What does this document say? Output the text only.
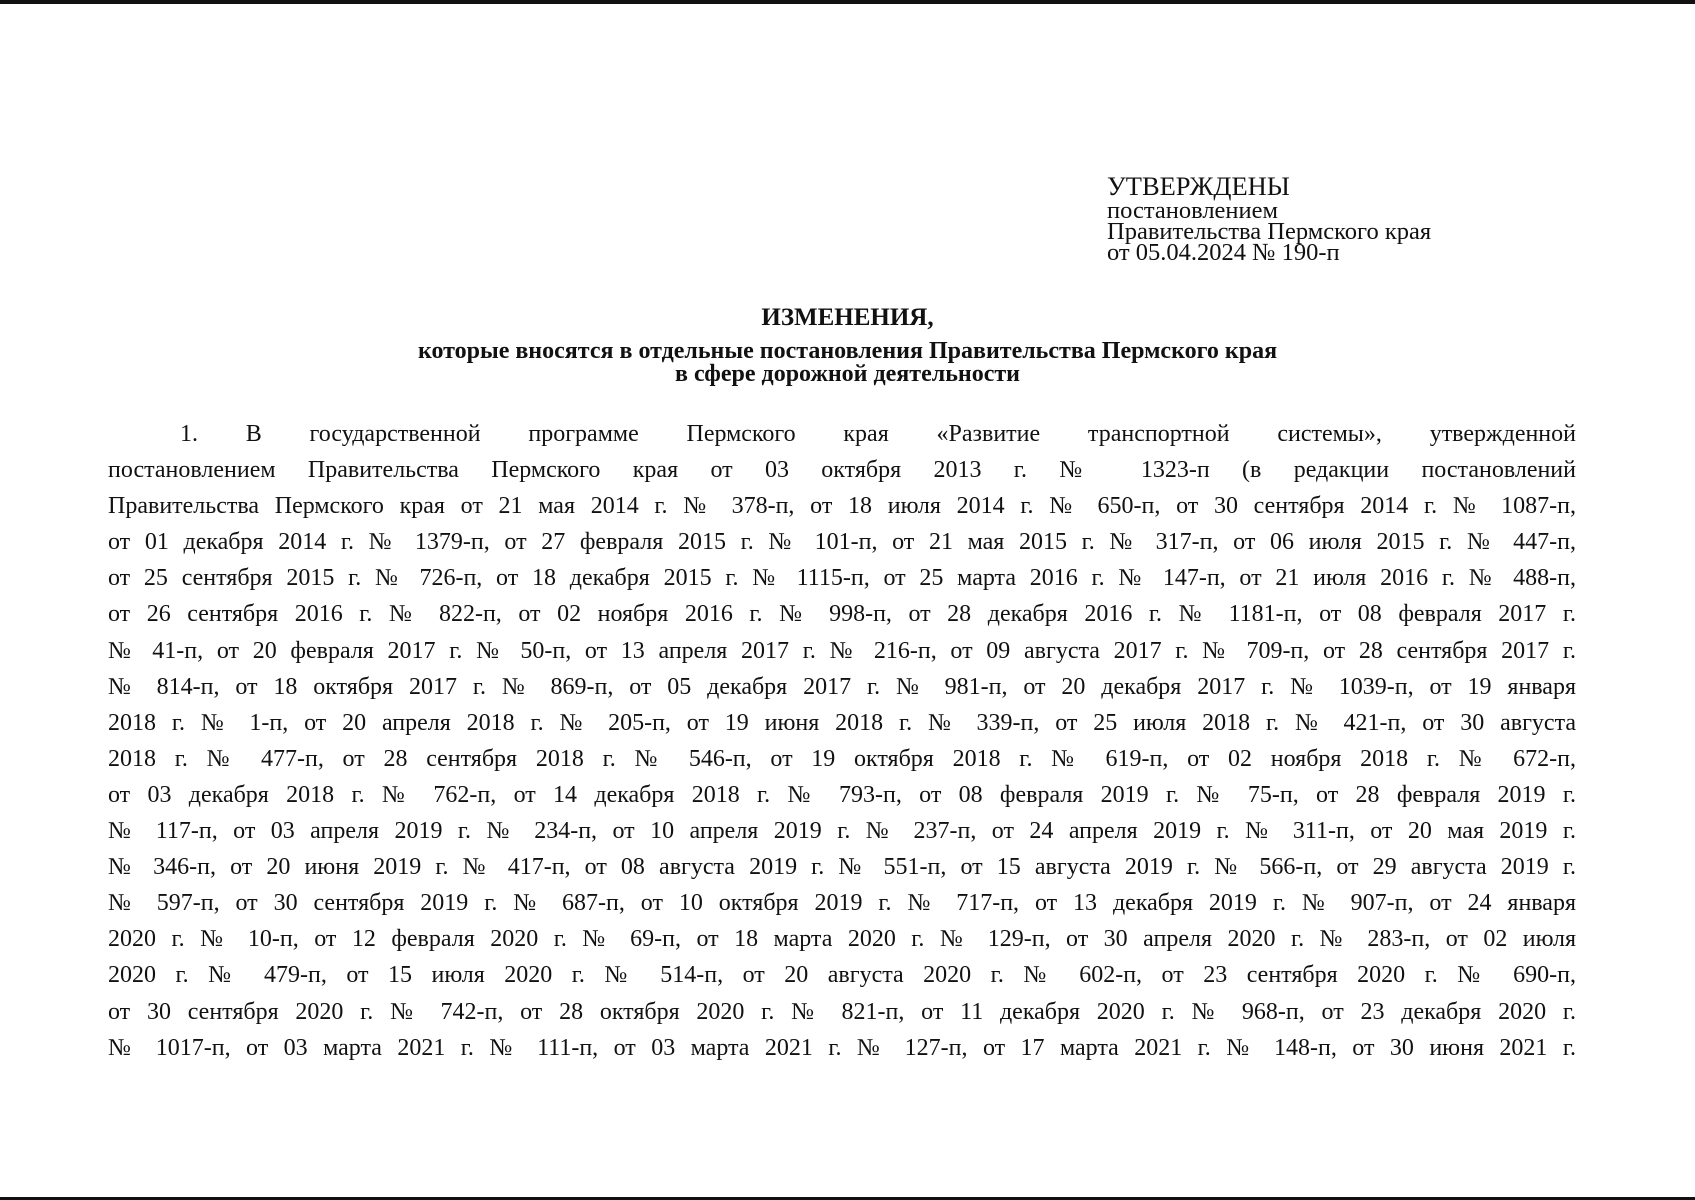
УТВЕРЖДЕНЫ
постановлением
Правительства Пермского края
от 05.04.2024 № 190-п
ИЗМЕНЕНИЯ,
которые вносятся в отдельные постановления Правительства Пермского края
в сфере дорожной деятельности
1. В государственной программе Пермского края «Развитие транспортной системы», утвержденной
постановлением Правительства Пермского края от 03 октября 2013 г. № 1323-п (в редакции постановлений
Правительства Пермского края от 21 мая 2014 г. № 378-п, от 18 июля 2014 г. № 650-п, от 30 сентября 2014 г. № 1087-п,
от 01 декабря 2014 г. № 1379-п, от 27 февраля 2015 г. № 101-п, от 21 мая 2015 г. № 317-п, от 06 июля 2015 г. № 447-п,
от 25 сентября 2015 г. № 726-п, от 18 декабря 2015 г. № 1115-п, от 25 марта 2016 г. № 147-п, от 21 июля 2016 г. № 488-п,
от 26 сентября 2016 г. № 822-п, от 02 ноября 2016 г. № 998-п, от 28 декабря 2016 г. № 1181-п, от 08 февраля 2017 г.
№ 41-п, от 20 февраля 2017 г. № 50-п, от 13 апреля 2017 г. № 216-п, от 09 августа 2017 г. № 709-п, от 28 сентября 2017 г.
№ 814-п, от 18 октября 2017 г. № 869-п, от 05 декабря 2017 г. № 981-п, от 20 декабря 2017 г. № 1039-п, от 19 января
2018 г. № 1-п, от 20 апреля 2018 г. № 205-п, от 19 июня 2018 г. № 339-п, от 25 июля 2018 г. № 421-п, от 30 августа
2018 г. № 477-п, от 28 сентября 2018 г. № 546-п, от 19 октября 2018 г. № 619-п, от 02 ноября 2018 г. № 672-п,
от 03 декабря 2018 г. № 762-п, от 14 декабря 2018 г. № 793-п, от 08 февраля 2019 г. № 75-п, от 28 февраля 2019 г.
№ 117-п, от 03 апреля 2019 г. № 234-п, от 10 апреля 2019 г. № 237-п, от 24 апреля 2019 г. № 311-п, от 20 мая 2019 г.
№ 346-п, от 20 июня 2019 г. № 417-п, от 08 августа 2019 г. № 551-п, от 15 августа 2019 г. № 566-п, от 29 августа 2019 г.
№ 597-п, от 30 сентября 2019 г. № 687-п, от 10 октября 2019 г. № 717-п, от 13 декабря 2019 г. № 907-п, от 24 января
2020 г. № 10-п, от 12 февраля 2020 г. № 69-п, от 18 марта 2020 г. № 129-п, от 30 апреля 2020 г. № 283-п, от 02 июля
2020 г. № 479-п, от 15 июля 2020 г. № 514-п, от 20 августа 2020 г. № 602-п, от 23 сентября 2020 г. № 690-п,
от 30 сентября 2020 г. № 742-п, от 28 октября 2020 г. № 821-п, от 11 декабря 2020 г. № 968-п, от 23 декабря 2020 г.
№ 1017-п, от 03 марта 2021 г. № 111-п, от 03 марта 2021 г. № 127-п, от 17 марта 2021 г. № 148-п, от 30 июня 2021 г.
